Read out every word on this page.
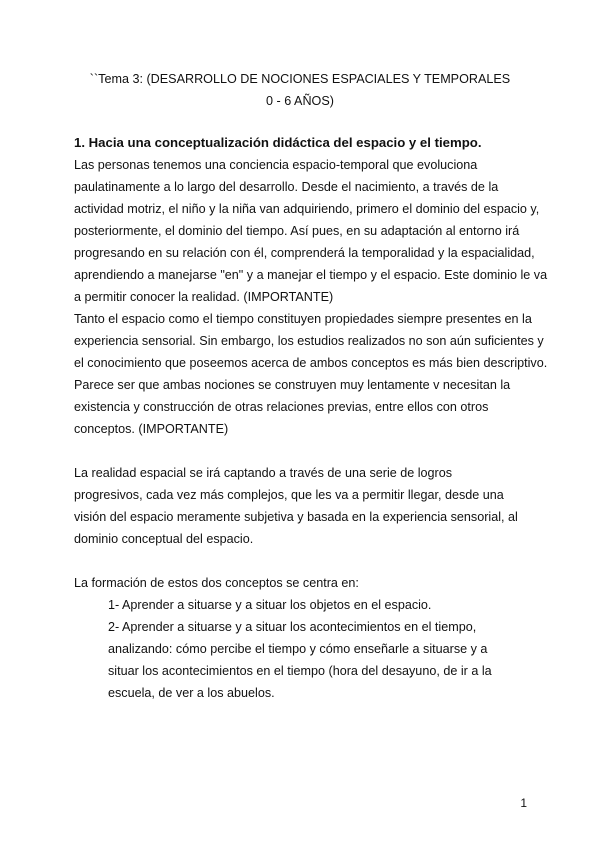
``Tema 3: (DESARROLLO DE NOCIONES ESPACIALES Y TEMPORALES
0 - 6 AÑOS)
1. Hacia una conceptualización didáctica del espacio y el tiempo.
Las personas tenemos una conciencia espacio-temporal que evoluciona
paulatinamente a lo largo del desarrollo. Desde el nacimiento, a través de la
actividad motriz, el niño y la niña van adquiriendo, primero el dominio del espacio y,
posteriormente, el dominio del tiempo. Así pues, en su adaptación al entorno irá
progresando en su relación con él, comprenderá la temporalidad y la espacialidad,
aprendiendo a manejarse "en" y a manejar el tiempo y el espacio. Este dominio le va
a permitir conocer la realidad. (IMPORTANTE)
Tanto el espacio como el tiempo constituyen propiedades siempre presentes en la
experiencia sensorial. Sin embargo, los estudios realizados no son aún suficientes y
el conocimiento que poseemos acerca de ambos conceptos es más bien descriptivo.
Parece ser que ambas nociones se construyen muy lentamente v necesitan la
existencia y construcción de otras relaciones previas, entre ellos con otros
conceptos. (IMPORTANTE)
La realidad espacial se irá captando a través de una serie de logros
progresivos, cada vez más complejos, que les va a permitir llegar, desde una
visión del espacio meramente subjetiva y basada en la experiencia sensorial, al
dominio conceptual del espacio.
La formación de estos dos conceptos se centra en:
1- Aprender a situarse y a situar los objetos en el espacio.
2- Aprender a situarse y a situar los acontecimientos en el tiempo,
analizando: cómo percibe el tiempo y cómo enseñarle a situarse y a
situar los acontecimientos en el tiempo (hora del desayuno, de ir a la
escuela, de ver a los abuelos.
1
